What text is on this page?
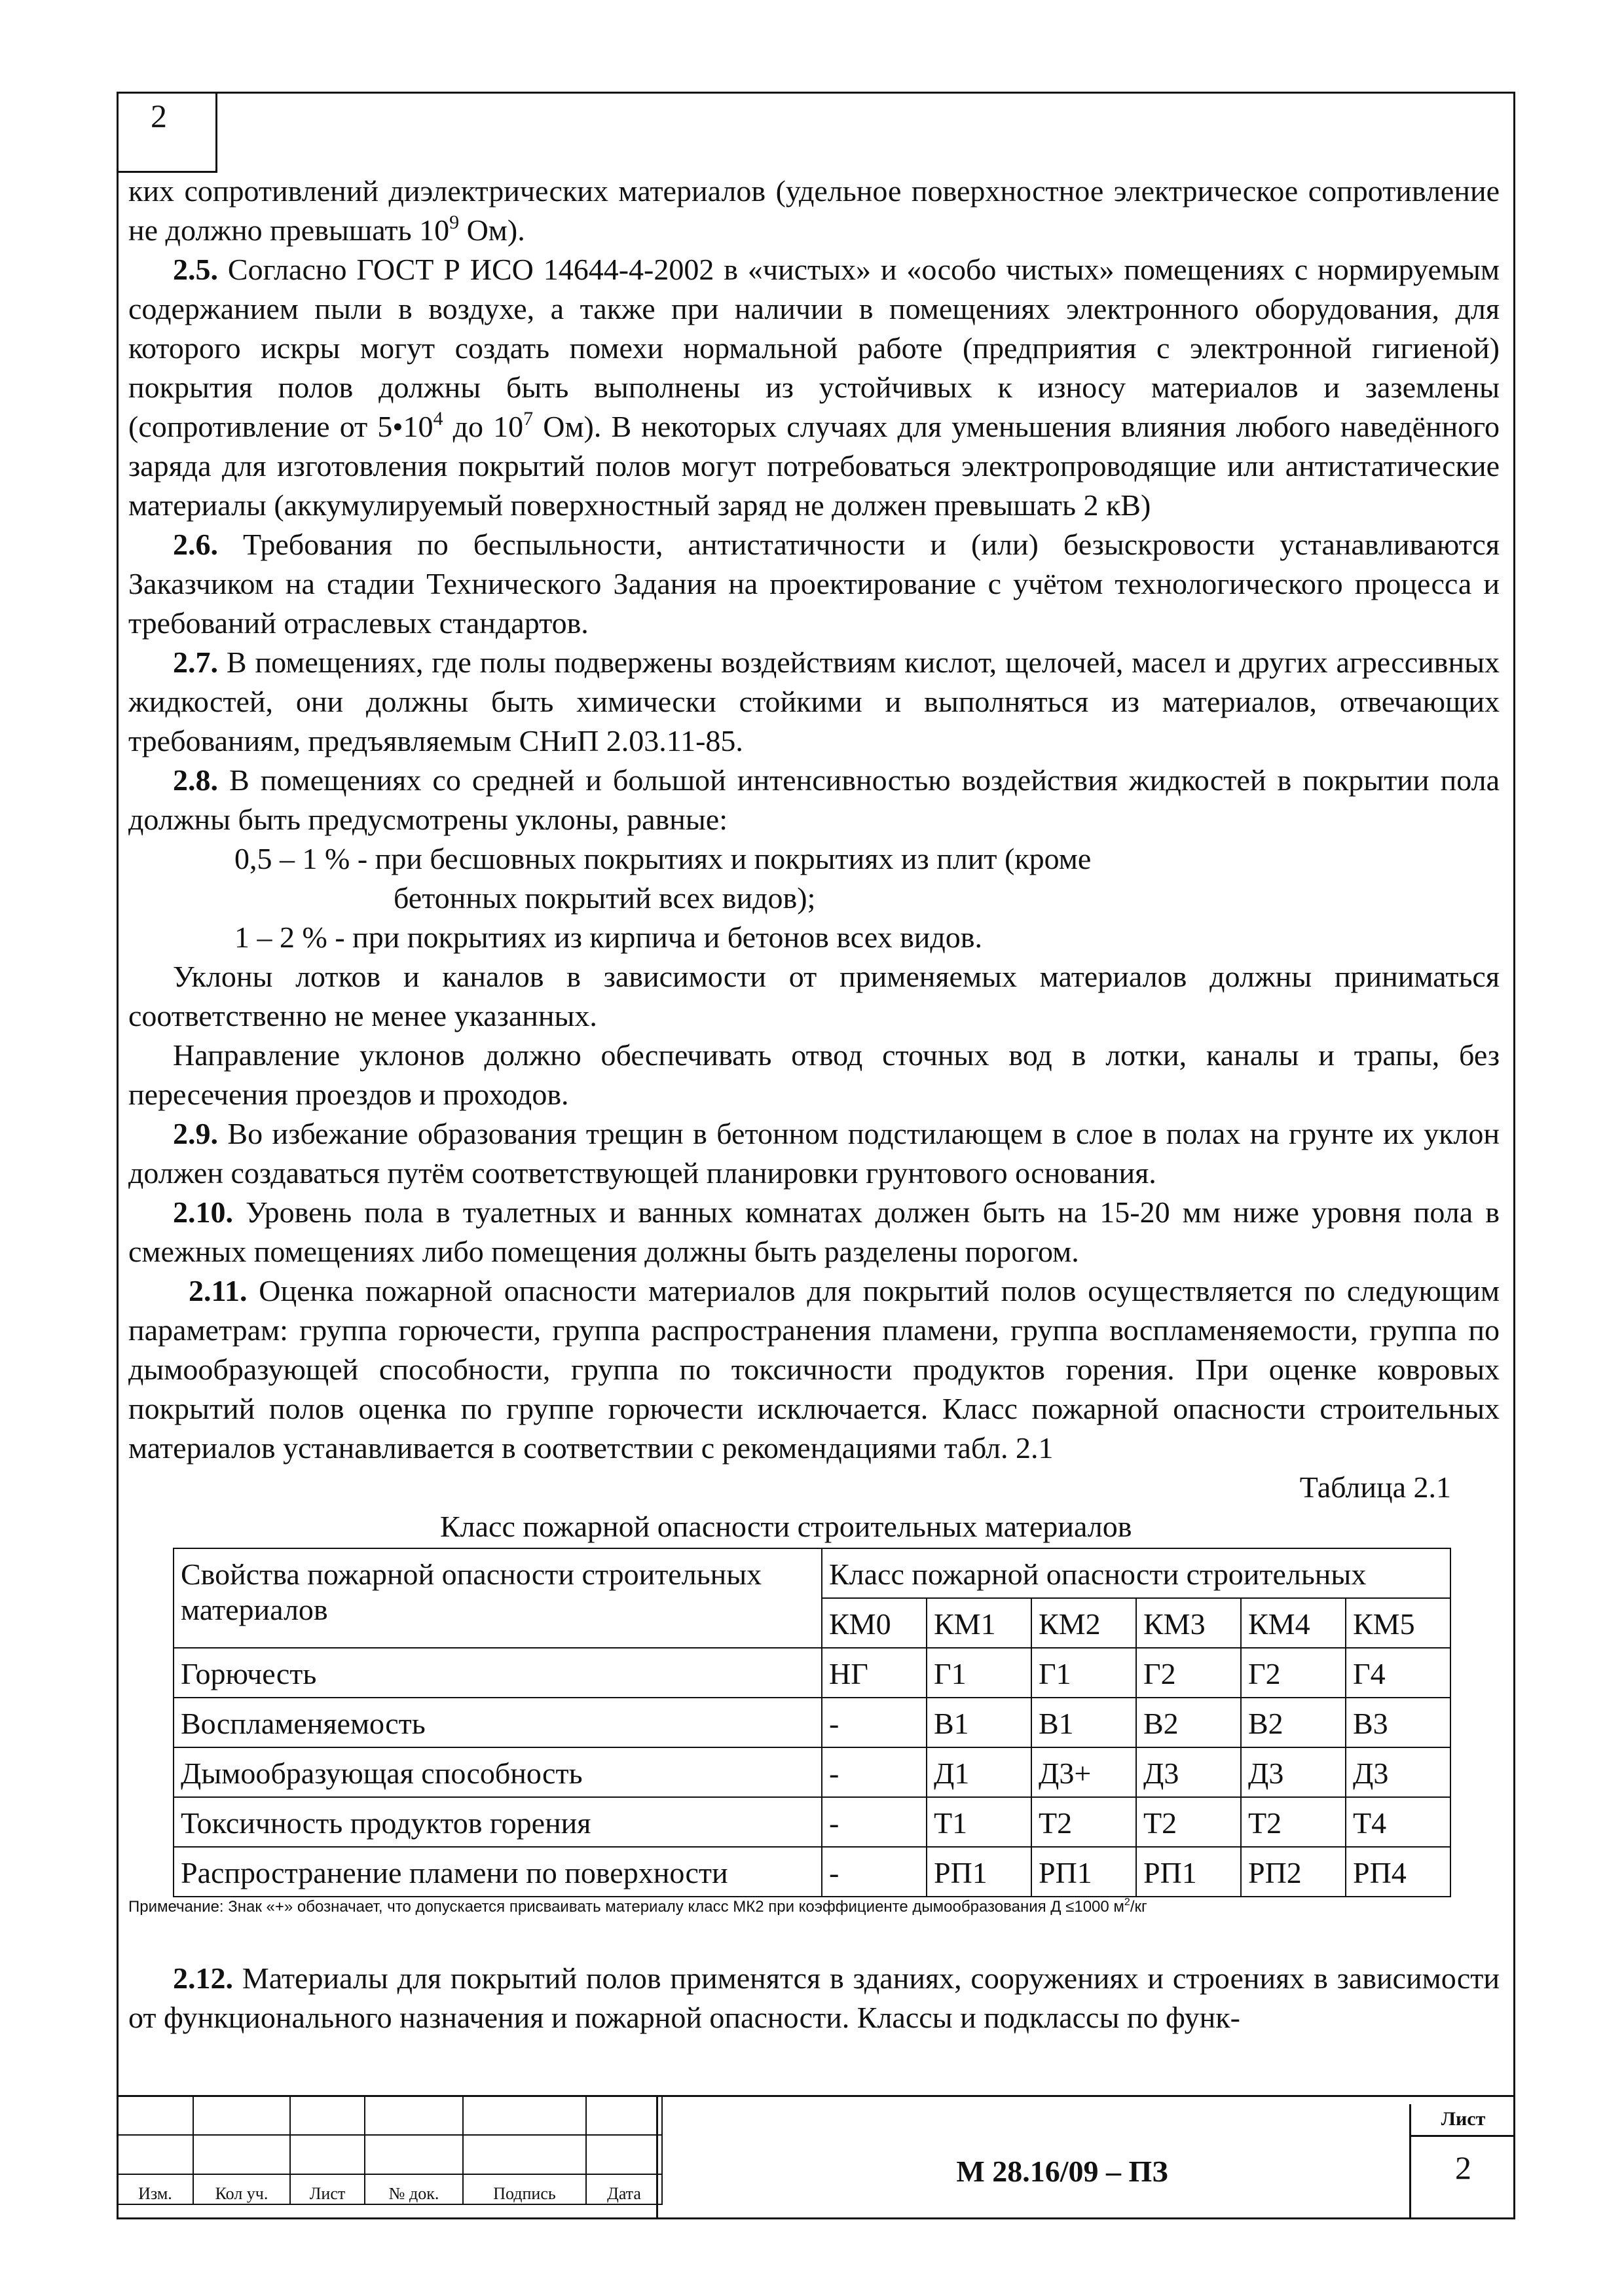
2

ких сопротивлений диэлектрических материалов (удельное поверхностное электрическое сопротивление не должно превышать $10^9$ Ом).

2.5. Согласно ГОСТ Р ИСО 14644-4-2002 в «чистых» и «особо чистых» помещениях с нормируемым содержанием пыли в воздухе, а также при наличии в помещениях электронного оборудования, для которого искры могут создать помехи нормальной работе (предприятия с электронной гигиеной) покрытия полов должны быть выполнены из устойчивых к износу материалов и заземлены (сопротивление от $5•10^4$ до $10^7$ Ом). В некоторых случаях для уменьшения влияния любого наведённого заряда для изготовления покрытий полов могут потребоваться электропроводящие или антистатические материалы (аккумулируемый поверхностный заряд не должен превышать 2 кВ)

2.6. Требования по беспыльности, антистатичности и (или) безыскровости устанавливаются Заказчиком на стадии Технического Задания на проектирование с учётом технологического процесса и требований отраслевых стандартов.

2.7. В помещениях, где полы подвержены воздействиям кислот, щелочей, масел и других агрессивных жидкостей, они должны быть химически стойкими и выполняться из материалов, отвечающих требованиям, предъявляемым СНиП 2.03.11-85.

2.8. В помещениях со средней и большой интенсивностью воздействия жидкостей в покрытии пола должны быть предусмотрены уклоны, равные:

0,5 – 1 % - при бесшовных покрытиях и покрытиях из плит (кроме

бетонных покрытий всех видов);

1 – 2 % - при покрытиях из кирпича и бетонов всех видов.

Уклоны лотков и каналов в зависимости от применяемых материалов должны приниматься соответственно не менее указанных.

Направление уклонов должно обеспечивать отвод сточных вод в лотки, каналы и трапы, без пересечения проездов и проходов.

2.9. Во избежание образования трещин в бетонном подстилающем в слое в полах на грунте их уклон должен создаваться путём соответствующей планировки грунтового основания.

2.10. Уровень пола в туалетных и ванных комнатах должен быть на 15-20 мм ниже уровня пола в смежных помещениях либо помещения должны быть разделены порогом.

2.11. Оценка пожарной опасности материалов для покрытий полов осуществляется по следующим параметрам: группа горючести, группа распространения пламени, группа воспламеняемости, группа по дымообразующей способности, группа по токсичности продуктов горения. При оценке ковровых покрытий полов оценка по группе горючести исключается. Класс пожарной опасности строительных материалов устанавливается в соответствии с рекомендациями табл. 2.1

Таблица 2.1

Класс пожарной опасности строительных материалов

Свойства пожарной опасности строительных материалов	Класс пожарной опасности строительных					
	КМ0	КМ1	КМ2	КМ3	КМ4	КМ5
Горючесть	НГ	Г1	Г1	Г2	Г2	Г4
Воспламеняемость	-	В1	В1	В2	В2	В3
Дымообразующая способность	-	Д1	Д3+	Д3	Д3	Д3
Токсичность продуктов горения	-	Т1	Т2	Т2	Т2	Т4
Распространение пламени по поверхности	-	РП1	РП1	РП1	РП2	РП4

Примечание: Знак «+» обозначает, что допускается присваивать материалу класс МК2 при коэффициенте дымообразования Д ≤1000 $м^2/кг$

2.12. Материалы для покрытий полов применятся в зданиях, сооружениях и строениях в зависимости от функционального назначения и пожарной опасности. Классы и подклассы по функ-

Изм.	Кол уч.	Лист	№ док.	Подпись	Дата
М 28.16/09 – ПЗ
Лист
2
